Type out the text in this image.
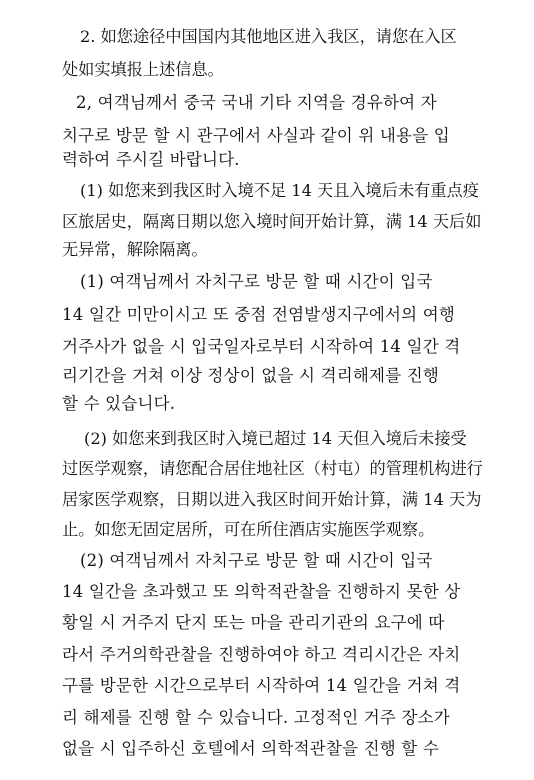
2. 如您途径中国国内其他地区进入我区，请您在入区
处如实填报上述信息。
2, 여객님께서 중국 국내 기타 지역을 경유하여 자
치구로 방문 할 시 관구에서 사실과 같이 위 내용을 입
력하여 주시길 바랍니다.
(1) 如您来到我区时入境不足 14 天且入境后未有重点疫
区旅居史，隔离日期以您入境时间开始计算，满 14 天后如
无异常，解除隔离。
(1) 여객님께서 자치구로 방문 할 때 시간이 입국
14 일간 미만이시고 또 중점 전염발생지구에서의 여행
거주사가 없을 시 입국일자로부터 시작하여 14 일간 격
리기간을 거쳐 이상 정상이 없을 시 격리해제를 진행
할 수 있습니다.
(2) 如您来到我区时入境已超过 14 天但入境后未接受
过医学观察，请您配合居住地社区（村屯）的管理机构进行
居家医学观察，日期以进入我区时间开始计算，满 14 天为
止。如您无固定居所，可在所住酒店实施医学观察。
(2) 여객님께서 자치구로 방문 할 때 시간이 입국
14 일간을 초과했고 또 의학적관찰을 진행하지 못한 상
황일 시 거주지 단지 또는 마을 관리기관의 요구에 따
라서 주거의학관찰을 진행하여야 하고 격리시간은 자치
구를 방문한 시간으로부터 시작하여 14 일간을 거쳐 격
리 해제를 진행 할 수 있습니다. 고정적인 거주 장소가
없을 시 입주하신 호텔에서 의학적관찰을 진행 할 수
